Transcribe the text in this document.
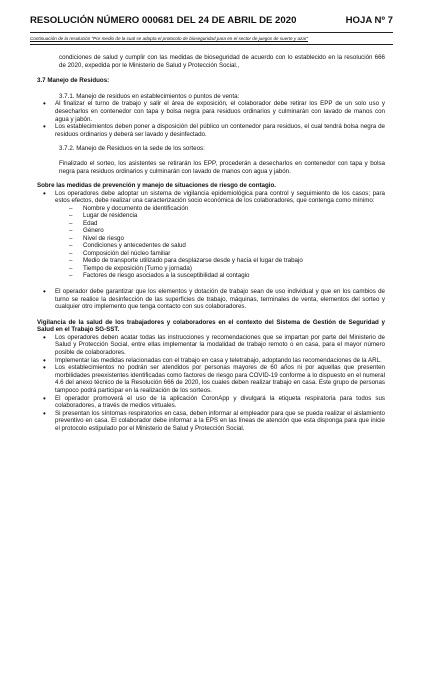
RESOLUCIÓN NÚMERO 000681 DEL 24 DE ABRIL DE 2020	HOJA Nº 7
Continuación de la resolución "Por medio de la cual se adopta el protocolo de bioseguridad para en el sector de juegos de suerte y azar"

condiciones de salud y cumplir con las medidas de bioseguridad de acuerdo con lo establecido en la resolución 666 de 2020, expedida por le Ministerio de Salud y Protección Social.,

3.7 Manejo de Residuos:

3.7.1. Manejo de residuos en establecimientos o puntos de venta:

• Al finalizar el turno de trabajo y salir el área de exposición, el colaborador debe retirar los EPP de un solo uso y desecharlos en contenedor con tapa y bolsa negra para residuos ordinarios y culminarán con lavado de manos con agua y jabón.
• Los establecimientos deben poner a disposición del público un contenedor para residuos, el cual tendrá bolsa negra de residuos ordinarios y deberá ser lavado y desinfectado.

3.7.2. Manejo de Residuos en la sede de los sorteos:

Finalizado el sorteo, los asistentes se retirarán los EPP, procederán a desecharlos en contenedor con tapa y bolsa negra para residuos ordinarios y culminarán con lavado de manos con agua y jabón.

Sobre las medidas de prevención y manejo de situaciones de riesgo de contagio.

• Los operadores debe adoptar un sistema de vigilancia epidemiológica para control y seguimiento de los casos; para estos efectos, debe realizar una caracterización socio económica de los colaboradores, que contenga como mínimo:
– Nombre y documento de identificación
– Lugar de residencia
– Edad
– Género
– Nivel de riesgo
– Condiciones y antecedentes de salud
– Composición del núcleo familiar
– Medio de transporte utilizado para desplazarse desde y hacia el lugar de trabajo
– Tiempo de exposición (Turno y jornada)
– Factores de riesgo asociados a la susceptibilidad al contagio
• El operador debe garantizar que los elementos y dotación de trabajo sean de uso individual y que en los cambios de turno se realice la desinfección de las superficies de trabajo, máquinas, terminales de venta, elementos del sorteo y cualquier otro implemento que tenga contacto con sus colaboradores.

Vigilancia de la salud de los trabajadores y colaboradores en el contexto del Sistema de Gestión de Seguridad y Salud en el Trabajo SG-SST.

• Los operadores deben acatar todas las instrucciones y recomendaciones que se impartan por parte del Ministerio de Salud y Protección Social, entre ellas implementar la modalidad de trabajo remoto o en casa, para el mayor número posible de colaboradores.
• Implementar las medidas relacionadas con el trabajo en casa y teletrabajo, adoptando las recomendaciones de la ARL.
• Los establecimientos no podrán ser atendidos por personas mayores de 60 años ni por aquellas que presenten morbilidades preexistentes identificadas como factores de riesgo para COVID-19 conforme a lo dispuesto en el numeral 4.6 del anexo técnico de la Resolución 666 de 2020, los cuales deben realizar trabajo en casa. Este grupo de personas tampoco podrá participar en la realización de los sorteos.
• El operador promoverá el uso de la aplicación CoronApp y divulgará la etiqueta respiratoria para todos sus colaboradores, a través de medios virtuales.
• Si presentan los síntomas respiratorios en casa, deben informar al empleador para que se pueda realizar el aislamiento preventivo en casa. El colaborador debe informar a la EPS en las líneas de atención que esta disponga para que inicie el protocolo estipulado por el Ministerio de Salud y Protección Social.
